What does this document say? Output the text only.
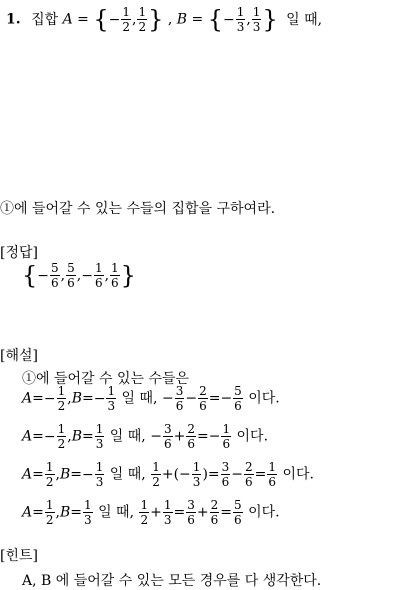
1. 집합 A = {− $\frac{1}{2}$ , $\frac{1}{2}$ } , B = {− $\frac{1}{3}$ , $\frac{1}{3}$ } 일 때,
①에 들어갈 수 있는 수들의 집합을 구하여라.
[정답]
{− $\frac{5}{6}$ , $\frac{5}{6}$ ,− $\frac{1}{6}$ , $\frac{1}{6}$ }
[해설]
①에 들어갈 수 있는 수들은
$A=- \frac{1}{2} ,B=- \frac{1}{3}$ 일 때, − $\frac{3}{6} - \frac{2}{6} =- \frac{5}{6}$ 이다.
$A=- \frac{1}{2} ,B= \frac{1}{3}$ 일 때, − $\frac{3}{6} + \frac{2}{6} =- \frac{1}{6}$ 이다.
$A= \frac{1}{2} ,B=- \frac{1}{3}$ 일 때, $\frac{1}{2}$ +(− $\frac{1}{3}$ )= $\frac{3}{6} - \frac{2}{6} = \frac{1}{6}$ 이다.
$A= \frac{1}{2} ,B= \frac{1}{3}$ 일 때, $\frac{1}{2} + \frac{1}{3} = \frac{3}{6} + \frac{2}{6} = \frac{5}{6}$ 이다.
[힌트]
A, B 에 들어갈 수 있는 모든 경우를 다 생각한다.
